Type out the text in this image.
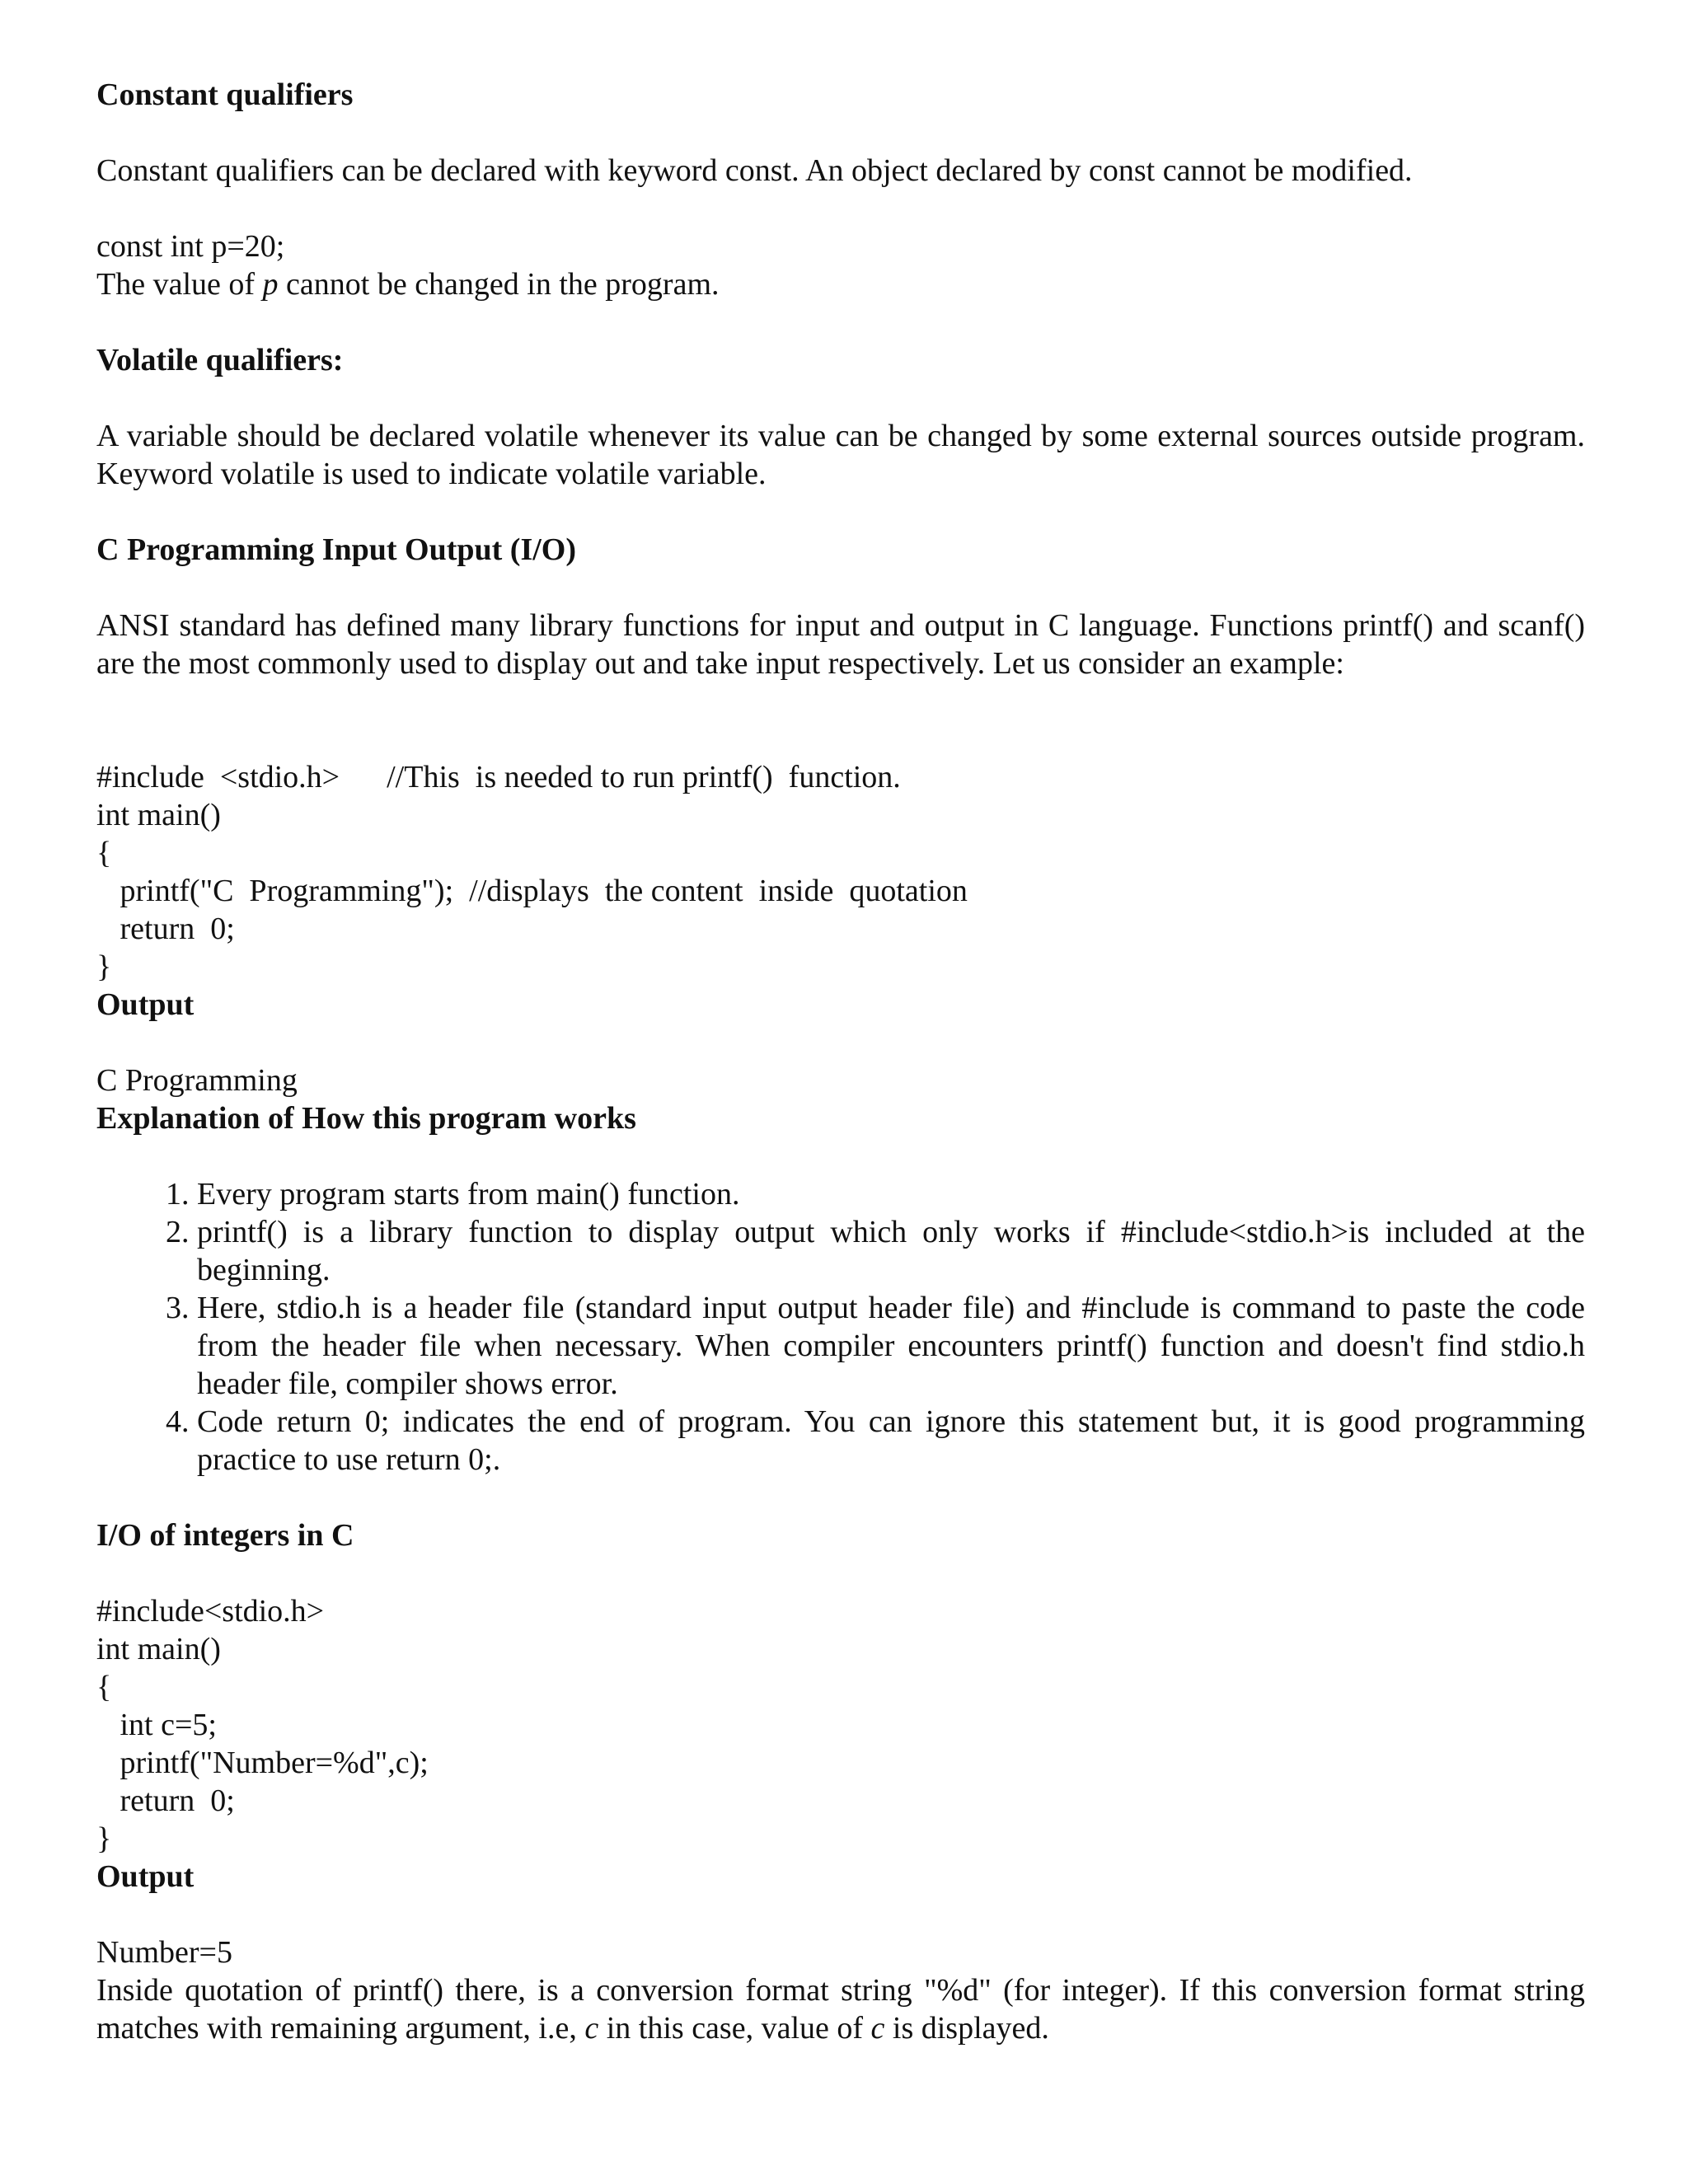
Constant qualifiers

Constant qualifiers can be declared with keyword const. An object declared by const cannot be modified.

const int p=20;

The value of p cannot be changed in the program.

Volatile qualifiers:

A variable should be declared volatile whenever its value can be changed by some external sources outside program. Keyword volatile is used to indicate volatile variable.

C Programming Input Output (I/O)

ANSI standard has defined many library functions for input and output in C language. Functions printf() and scanf() are the most commonly used to display out and take input respectively. Let us consider an example:

#include  <stdio.h>      //This  is needed to run printf()  function.

int main()

{

printf("C  Programming");  //displays  the content  inside  quotation

return  0;

}

Output

C Programming

Explanation of How this program works

1. Every program starts from main() function.
2. printf() is a library function to display output which only works if #include<stdio.h>is included at the beginning.
3. Here, stdio.h is a header file (standard input output header file) and #include is command to paste the code from the header file when necessary. When compiler encounters printf() function and doesn't find stdio.h header file, compiler shows error.
4. Code return 0; indicates the end of program. You can ignore this statement but, it is good programming practice to use return 0;.

I/O of integers in C

#include<stdio.h>

int main()

{

int c=5;

printf("Number=%d",c);

return  0;

}

Output

Number=5

Inside quotation of printf() there, is a conversion format string "%d" (for integer). If this conversion format string matches with remaining argument, i.e, c in this case, value of c is displayed.
